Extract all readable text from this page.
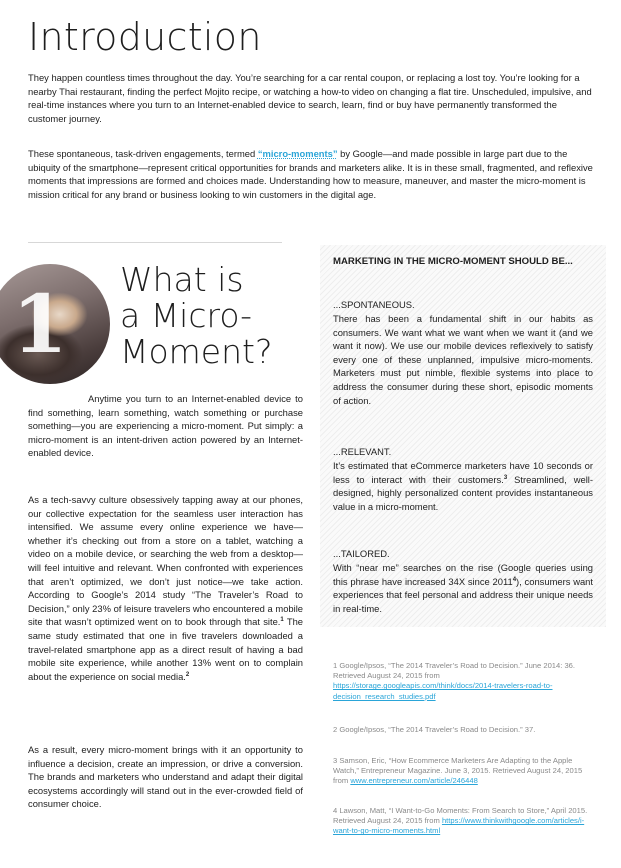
Introduction

They happen countless times throughout the day. You’re searching for a car rental coupon, or replacing a lost toy. You’re looking for a nearby Thai restaurant, finding the perfect Mojito recipe, or watching a how-to video on changing a flat tire. Unscheduled, impulsive, and real-time instances where you turn to an Internet-enabled device to search, learn, find or buy have permanently transformed the customer journey.

These spontaneous, task-driven engagements, termed “micro-moments” by Google—and made possible in large part due to the ubiquity of the smartphone—represent critical opportunities for brands and marketers alike. It is in these small, fragmented, and reflexive moments that impressions are formed and choices made. Understanding how to measure, maneuver, and master the micro-moment is mission critical for any brand or business looking to win customers in the digital age.

1 What is
a Micro-
Moment?

Anytime you turn to an Internet-enabled device to find something, learn something, watch something or purchase something—you are experiencing a micro-moment. Put simply: a micro-moment is an intent-driven action powered by an Internet-enabled device.

As a tech-savvy culture obsessively tapping away at our phones, our collective expectation for the seamless user interaction has intensified. We assume every online experience we have—whether it’s checking out from a store on a tablet, watching a video on a mobile device, or searching the web from a desktop—will feel intuitive and relevant. When confronted with experiences that aren’t optimized, we don’t just notice—we take action. According to Google’s 2014 study “The Traveler’s Road to Decision,” only 23% of leisure travelers who encountered a mobile site that wasn’t optimized went on to book through that site.$^1$ The same study estimated that one in five travelers downloaded a travel-related smartphone app as a direct result of having a bad mobile site experience, while another 13% went on to complain about the experience on social media.$^2$

As a result, every micro-moment brings with it an opportunity to influence a decision, create an impression, or drive a conversion. The brands and marketers who understand and adapt their digital ecosystems accordingly will stand out in the ever-crowded field of consumer choice.

MARKETING IN THE MICRO-MOMENT SHOULD BE...

...SPONTANEOUS.

There has been a fundamental shift in our habits as consumers. We want what we want when we want it (and we want it now). We use our mobile devices reflexively to satisfy every one of these unplanned, impulsive micro-moments. Marketers must put nimble, flexible systems into place to address the consumer during these short, episodic moments of action.

...RELEVANT.

It’s estimated that eCommerce marketers have 10 seconds or less to interact with their customers.$^3$ Streamlined, well-designed, highly personalized content provides instantaneous value in a micro-moment.

...TAILORED.

With “near me” searches on the rise (Google queries using this phrase have increased 34X since 2011$^4$), consumers want experiences that feel personal and address their unique needs in real-time.

1 Google/Ipsos, “The 2014 Traveler’s Road to Decision.” June 2014: 36. Retrieved August 24, 2015 from https://storage.googleapis.com/think/docs/2014-travelers-road-to-decision_research_studies.pdf

2 Google/Ipsos, “The 2014 Traveler’s Road to Decision.” 37.

3 Samson, Eric, “How Ecommerce Marketers Are Adapting to the Apple Watch,” Entrepreneur Magazine. June 3, 2015. Retrieved August 24, 2015 from www.entrepreneur.com/article/246448

4 Lawson, Matt, “I Want-to-Go Moments: From Search to Store,” April 2015. Retrieved August 24, 2015 from https://www.thinkwithgoogle.com/articles/i-want-to-go-micro-moments.html
